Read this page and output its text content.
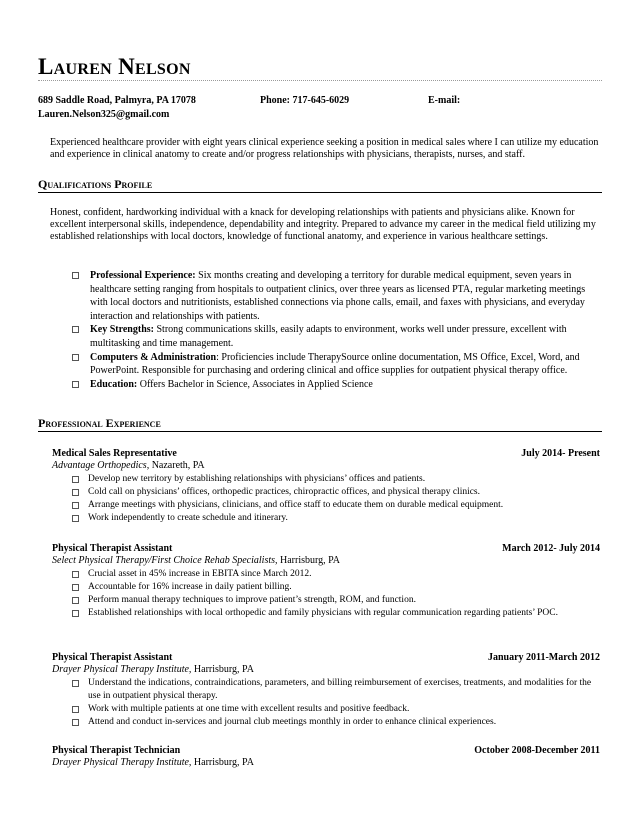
Lauren Nelson
689 Saddle Road, Palmyra, PA 17078	Phone: 717-645-6029	E-mail:
Lauren.Nelson325@gmail.com
Experienced healthcare provider with eight years clinical experience seeking a position in medical sales where I can utilize my education and experience in clinical anatomy to create and/or progress relationships with physicians, therapists, nurses, and staff.
Qualifications Profile
Honest, confident, hardworking individual with a knack for developing relationships with patients and physicians alike. Known for excellent interpersonal skills, independence, dependability and integrity. Prepared to advance my career in the medical field utilizing my established relationships with local doctors, knowledge of functional anatomy, and experience in various healthcare settings.
Professional Experience: Six months creating and developing a territory for durable medical equipment, seven years in healthcare setting ranging from hospitals to outpatient clinics, over three years as licensed PTA, regular marketing meetings with local doctors and nutritionists, established connections via phone calls, email, and faxes with physicians, and everyday interaction and relationships with patients.
Key Strengths: Strong communications skills, easily adapts to environment, works well under pressure, excellent with multitasking and time management.
Computers & Administration: Proficiencies include TherapySource online documentation, MS Office, Excel, Word, and PowerPoint. Responsible for purchasing and ordering clinical and office supplies for outpatient physical therapy office.
Education: Offers Bachelor in Science, Associates in Applied Science
Professional Experience
Medical Sales Representative	July 2014- Present
Advantage Orthopedics, Nazareth, PA
Develop new territory by establishing relationships with physicians’ offices and patients.
Cold call on physicians’ offices, orthopedic practices, chiropractic offices, and physical therapy clinics.
Arrange meetings with physicians, clinicians, and office staff to educate them on durable medical equipment.
Work independently to create schedule and itinerary.
Physical Therapist Assistant	March 2012- July 2014
Select Physical Therapy/First Choice Rehab Specialists, Harrisburg, PA
Crucial asset in 45% increase in EBITA since March 2012.
Accountable for 16% increase in daily patient billing.
Perform manual therapy techniques to improve patient’s strength, ROM, and function.
Established relationships with local orthopedic and family physicians with regular communication regarding patients’ POC.
Physical Therapist Assistant	January 2011-March 2012
Drayer Physical Therapy Institute, Harrisburg, PA
Understand the indications, contraindications, parameters, and billing reimbursement of exercises, treatments, and modalities for the use in outpatient physical therapy.
Work with multiple patients at one time with excellent results and positive feedback.
Attend and conduct in-services and journal club meetings monthly in order to enhance clinical experiences.
Physical Therapist Technician	October 2008-December 2011
Drayer Physical Therapy Institute, Harrisburg, PA
